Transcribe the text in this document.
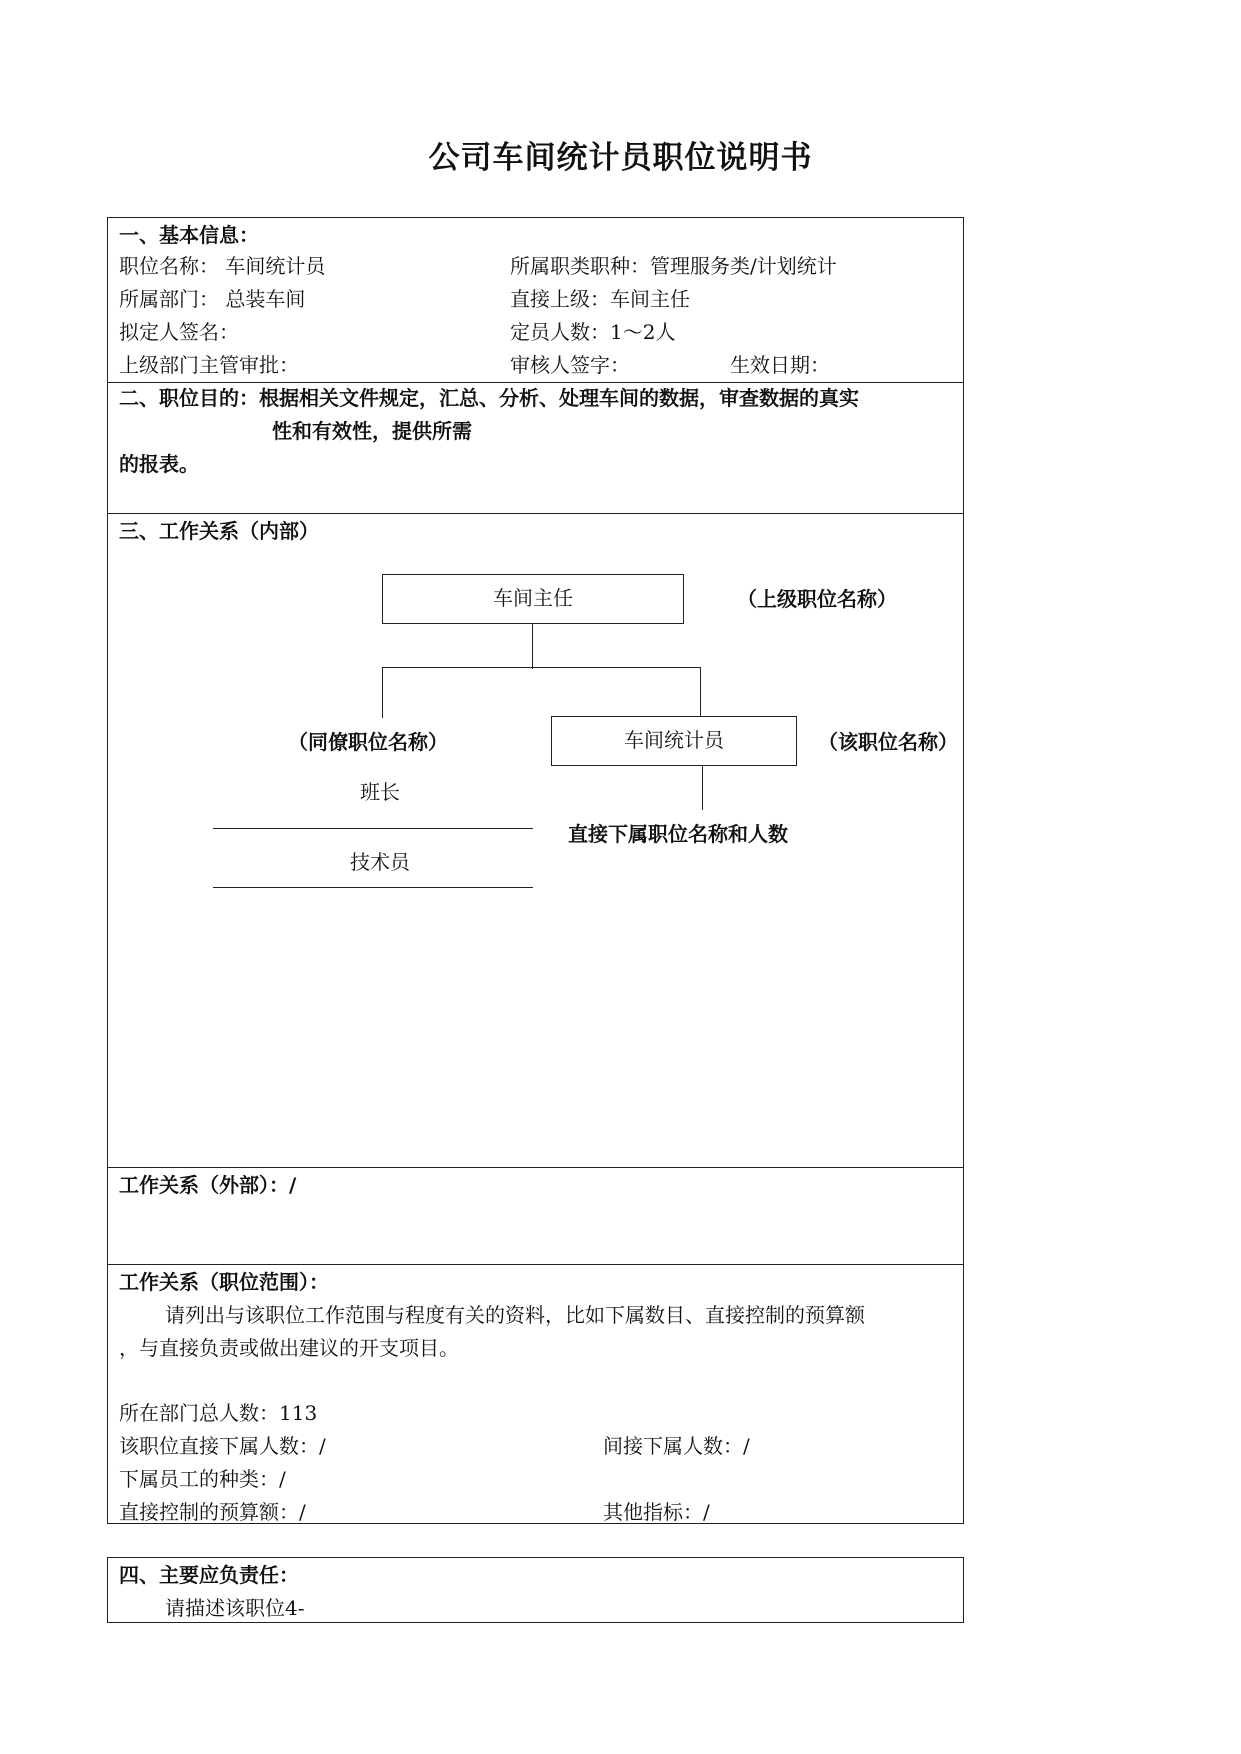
公司车间统计员职位说明书
一、基本信息：
职位名称： 车间统计员	所属职类职种：管理服务类/计划统计
所属部门： 总装车间	直接上级：车间主任
拟定人签名：	定员人数：1～2人
上级部门主管审批：	审核人签字：	生效日期：
二、职位目的：根据相关文件规定，汇总、分析、处理车间的数据，审查数据的真实
性和有效性，提供所需
的报表。
三、工作关系（内部）
车间主任	（上级职位名称）
（同僚职位名称）	车间统计员	（该职位名称）
直接下属职位名称和人数
班长
技术员
工作关系（外部）：/
工作关系（职位范围）：
请列出与该职位工作范围与程度有关的资料，比如下属数目、直接控制的预算额
，与直接负责或做出建议的开支项目。
所在部门总人数：113
该职位直接下属人数：/	间接下属人数：/
下属员工的种类：/
直接控制的预算额：/	其他指标：/
四、主要应负责任：
请描述该职位4-
